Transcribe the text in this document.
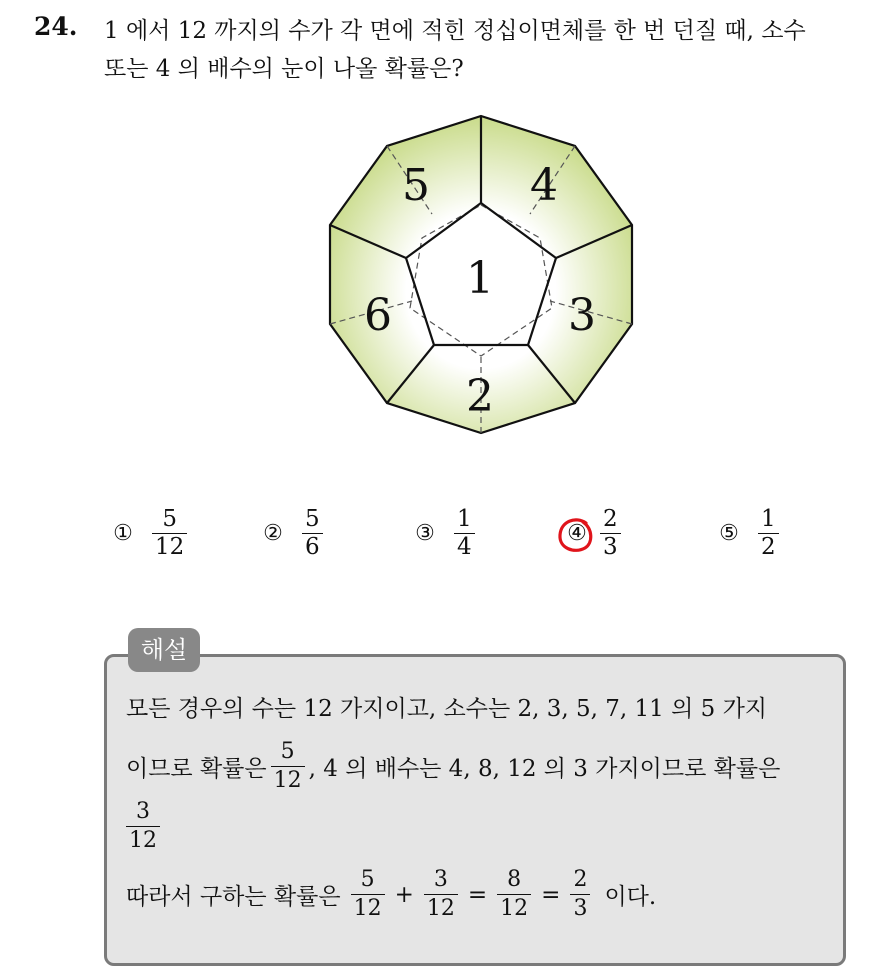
24. 1 에서 12 까지의 수가 각 면에 적힌 정십이면체를 한 번 던질 때, 소수
또는 4 의 배수의 눈이 나올 확률은?
1
2
3
4
5
6
① $\frac{5}{12}$	② $\frac{5}{6}$	③ $\frac{1}{4}$	④ $\frac{2}{3}$	⑤ $\frac{1}{2}$
해설
모든 경우의 수는 12 가지이고, 소수는 2, 3, 5, 7, 11 의 5 가지
이므로 확률은 $\frac{5}{12}$ , 4 의 배수는 4, 8, 12 의 3 가지이므로 확률은
$\frac{3}{12}$
따라서 구하는 확률은 $\frac{5}{12} + \frac{3}{12} = \frac{8}{12} = \frac{2}{3}$ 이다.
